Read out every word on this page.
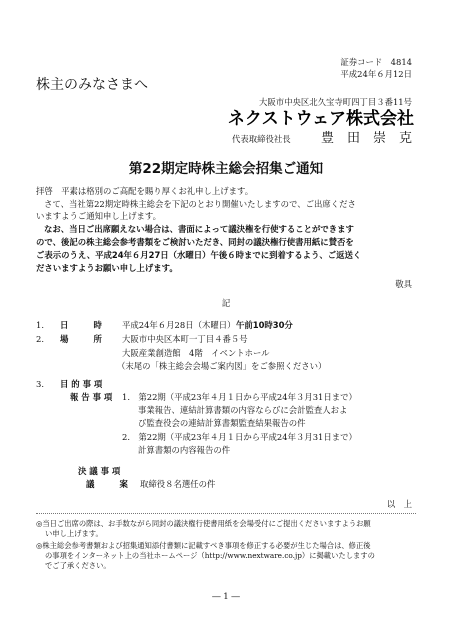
証券コード　4814
平成24年６月12日
株主のみなさまへ
大阪市中央区北久宝寺町四丁目３番11号
ネクストウェア株式会社
代表取締役社長 豊　田　崇　克
第22期定時株主総会招集ご通知
拝啓　平素は格別のご高配を賜り厚くお礼申し上げます。
さて、当社第22期定時株主総会を下記のとおり開催いたしますので、ご出席くださ
いますようご通知申し上げます。
なお、当日ご出席願えない場合は、書面によって議決権を行使することができます
ので、後記の株主総会参考書類をご検討いただき、同封の議決権行使書用紙に賛否を
ご表示のうえ、平成24年６月27日（水曜日）午後６時までに到着するよう、ご返送く
ださいますようお願い申し上げます。
敬具
記
1. 日　　　時 平成24年６月28日（木曜日） 午前10時30分
2. 場　　　所 大阪市中央区本町一丁目４番５号
大阪産業創造館　4階　イベントホール
（末尾の「株主総会会場ご案内図」をご参照ください）
3. 目 的 事 項
報 告 事 項 1.　第22期（平成23年４月１日から平成24年３月31日まで）
事業報告、連結計算書類の内容ならびに会計監査人およ
び監査役会の連結計算書類監査結果報告の件
2.　第22期（平成23年４月１日から平成24年３月31日まで）
計算書類の内容報告の件
決 議 事 項
議　　　案 取締役８名選任の件
以　上
◎当日ご出席の際は、お手数ながら同封の議決権行使書用紙を会場受付にご提出くださいますようお願
い申し上げます。
◎株主総会参考書類および招集通知添付書類に記載すべき事項を修正する必要が生じた場合は、修正後
の事項をインターネット上の当社ホームページ（http://www.nextware.co.jp）に掲載いたしますの
でご了承ください。
― 1 ―
